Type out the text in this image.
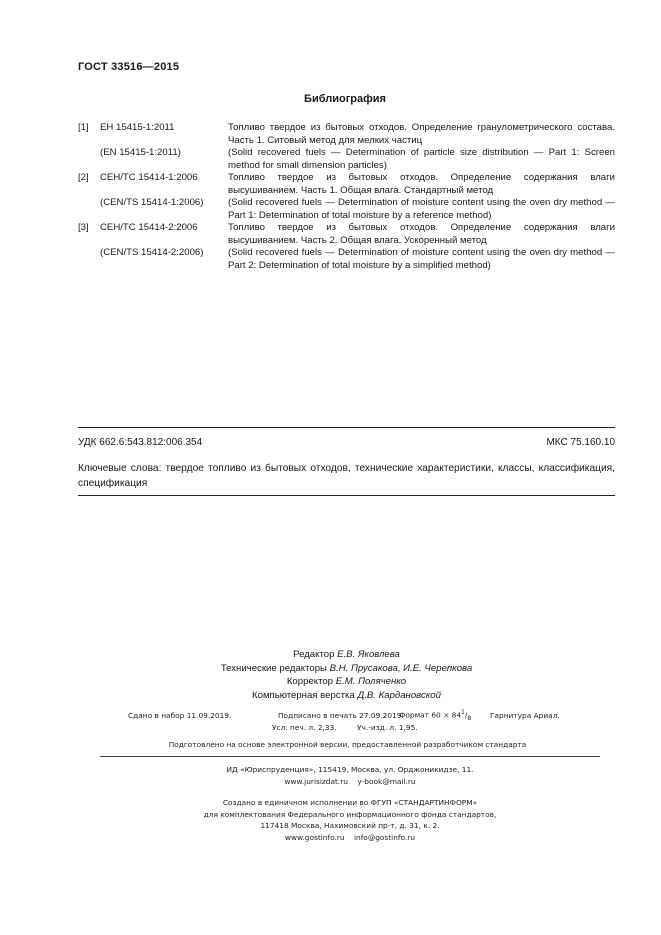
ГОСТ 33516—2015
Библиография
[1]	ЕН 15415-1:2011	Топливо твердое из бытовых отходов. Определение гранулометрического состава. Часть 1. Ситовый метод для мелких частиц
(EN 15415-1:2011)	(Solid recovered fuels — Determination of particle size distribution — Part 1: Screen method for small dimension particles)
[2]	CEH/TC 15414-1:2006	Топливо твердое из бытовых отходов. Определение содержания влаги высушиванием. Часть 1. Общая влага. Стандартный метод
(CEN/TS 15414-1:2006)	(Solid recovered fuels — Determination of moisture content using the oven dry method — Part 1: Determination of total moisture by a reference method)
[3]	CEH/TC 15414-2:2006	Топливо твердое из бытовых отходов. Определение содержания влаги высушиванием. Часть 2. Общая влага. Ускоренный метод
(CEN/TS 15414-2:2006)	(Solid recovered fuels — Determination of moisture content using the oven dry method — Part 2: Determination of total moisture by a simplified method)
УДК 662.6:543.812:006.354	МКС 75.160.10
Ключевые слова: твердое топливо из бытовых отходов, технические характеристики, классы, классификация, спецификация
Редактор Е.В. Яковлева
Технические редакторы В.Н. Прусакова, И.Е. Черепкова
Корректор Е.М. Поляченко
Компьютерная верстка Д.В. Кардановской
Сдано в набор 11.09.2019.	Подписано в печать 27.09.2019.
Формат $60 \times 84^1/_8$	Гарнитура Ариал.
Усл. печ. л. 2,33.	Уч.-изд. л. 1,95.
Подготовлено на основе электронной версии, предоставленной разработчиком стандарта
ИД «Юриспруденция», 115419, Москва, ул. Орджоникидзе, 11.
www.jurisizdat.ru y-book@mail.ru
Создано в единичном исполнении во ФГУП «СТАНДАРТИНФОРМ»
для комплектования Федерального информационного фонда стандартов,
117418 Москва, Нахимовский пр-т, д. 31, к. 2.
www.gostinfo.ru info@gostinfo.ru
